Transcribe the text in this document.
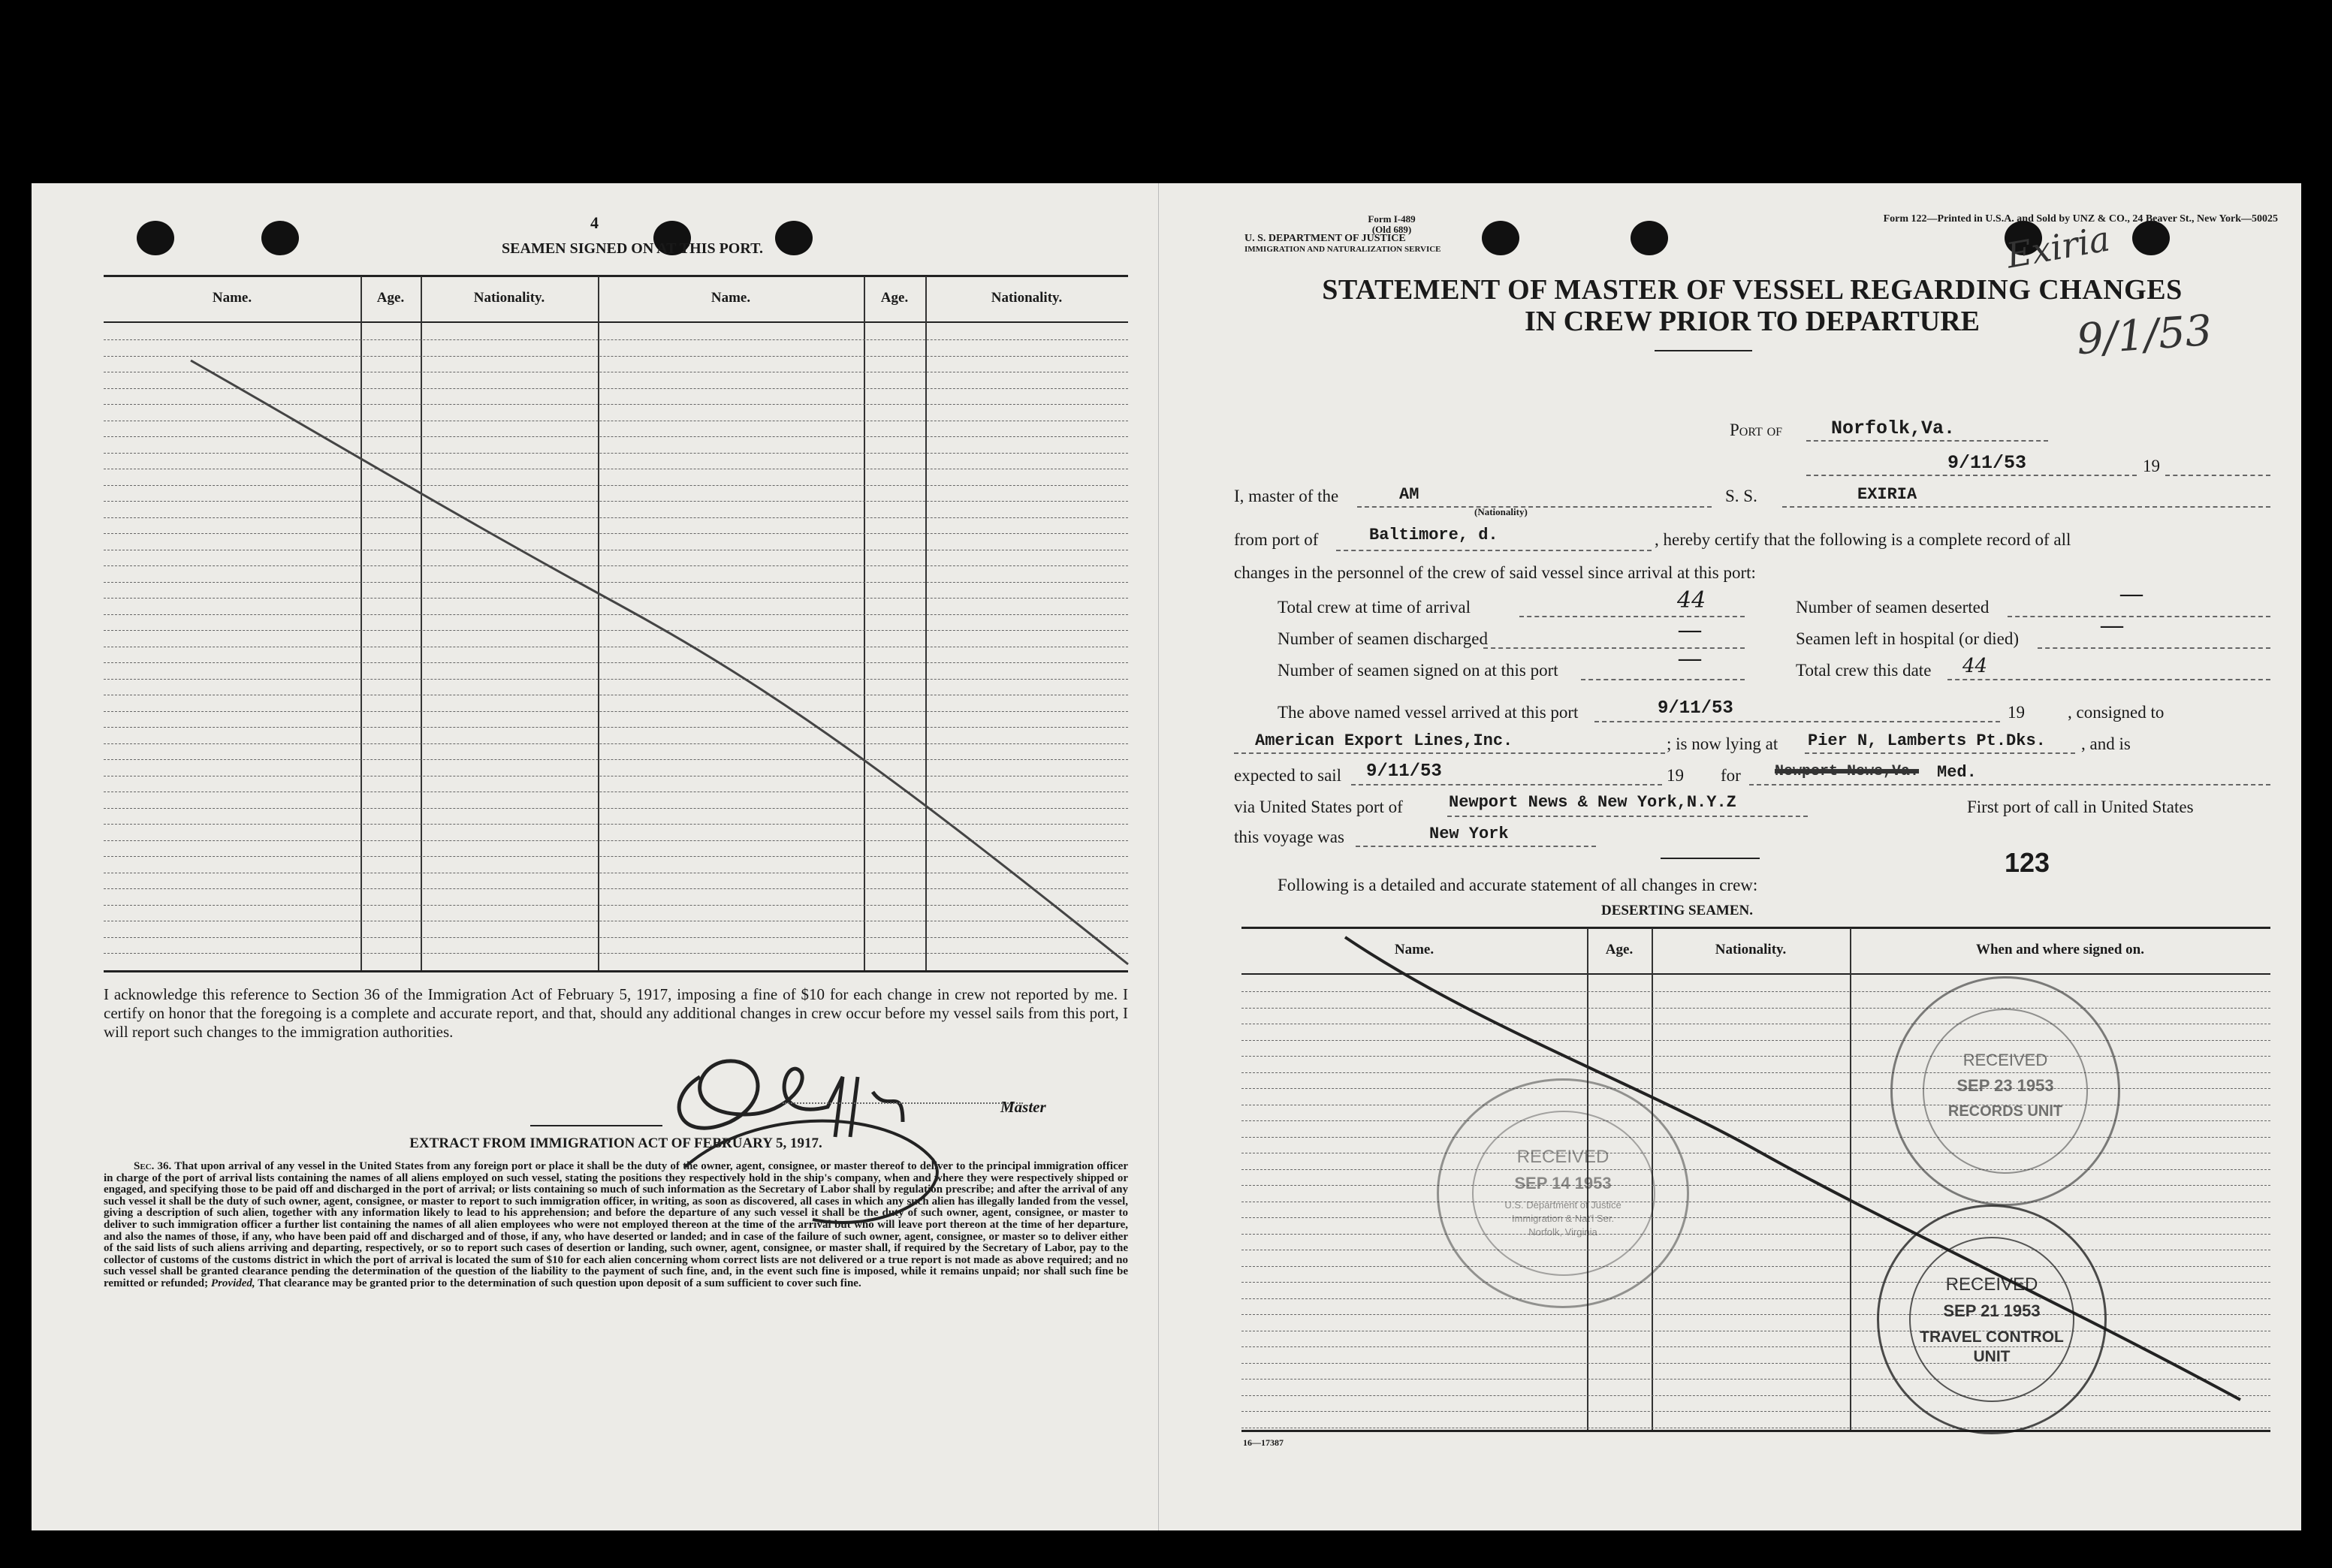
4
SEAMEN SIGNED ON AT THIS PORT.
Name.	Age.	Nationality.	Name.	Age.	Nationality.
I acknowledge this reference to Section 36 of the Immigration Act of February 5, 1917, imposing a fine of $10 for each change in crew not reported by me. I certify on honor that the foregoing is a complete and accurate report, and that, should any additional changes in crew occur before my vessel sails from this port, I will report such changes to the immigration authorities.
Master
EXTRACT FROM IMMIGRATION ACT OF FEBRUARY 5, 1917.
Sec. 36. That upon arrival of any vessel in the United States from any foreign port or place it shall be the duty of the owner, agent, consignee, or master thereof to deliver to the principal immigration officer in charge of the port of arrival lists containing the names of all aliens employed on such vessel, stating the positions they respectively hold in the ship's company, when and where they were respectively shipped or engaged, and specifying those to be paid off and discharged in the port of arrival; or lists containing so much of such information as the Secretary of Labor shall by regulation prescribe; and after the arrival of any such vessel it shall be the duty of such owner, agent, consignee, or master to report to such immigration officer, in writing, as soon as discovered, all cases in which any such alien has illegally landed from the vessel, giving a description of such alien, together with any information likely to lead to his apprehension; and before the departure of any such vessel it shall be the duty of such owner, agent, consignee, or master to deliver to such immigration officer a further list containing the names of all alien employees who were not employed thereon at the time of the arrival but who will leave port thereon at the time of her departure, and also the names of those, if any, who have been paid off and discharged and of those, if any, who have deserted or landed; and in case of the failure of such owner, agent, consignee, or master so to deliver either of the said lists of such aliens arriving and departing, respectively, or so to report such cases of desertion or landing, such owner, agent, consignee, or master shall, if required by the Secretary of Labor, pay to the collector of customs of the customs district in which the port of arrival is located the sum of $10 for each alien concerning whom correct lists are not delivered or a true report is not made as above required; and no such vessel shall be granted clearance pending the determination of the question of the liability to the payment of such fine, and, in the event such fine is imposed, while it remains unpaid; nor shall such fine be remitted or refunded; Provided, That clearance may be granted prior to the determination of such question upon deposit of a sum sufficient to cover such fine.
Form I-489
(Old 689)
U. S. DEPARTMENT OF JUSTICE
IMMIGRATION AND NATURALIZATION SERVICE
Form 122—Printed in U.S.A. and Sold by UNZ & CO., 24 Beaver St., New York—50025
Exiria
9/1/53
STATEMENT OF MASTER OF VESSEL REGARDING CHANGES
IN CREW PRIOR TO DEPARTURE
Port of	Norfolk,Va.
9/11/53	19
I, master of the	AM
(Nationality)
S. S.	EXIRIA
from port of	Baltimore, d.	, hereby certify that the following is a complete record of all
changes in the personnel of the crew of said vessel since arrival at this port:
Total crew at time of arrival	44	Number of seamen deserted
—
Number of seamen discharged	—	Seamen left in hospital (or died)
—
Number of seamen signed on at this port	—	Total crew this date 44
The above named vessel arrived at this port	9/11/53	19 , consigned to
American Export Lines,Inc.	; is now lying at Pier N, Lamberts Pt.Dks. , and is
expected to sail 9/11/53	19 for Newport News,Va. Med.
via United States port of	Newport News & New York,N.Y.Z	First port of call in United States
this voyage was	New York
123
Following is a detailed and accurate statement of all changes in crew:
DESERTING SEAMEN.
Name.	Age.	Nationality.	When and where signed on.
RECEIVED
SEP 23 1953
RECORDS UNIT
RECEIVED
SEP 14 1953
U.S. Department of Justice
Immigration & Nat'l Ser.
Norfolk, Virginia
RECEIVED
SEP 21 1953
TRAVEL CONTROL
UNIT
16—17387
